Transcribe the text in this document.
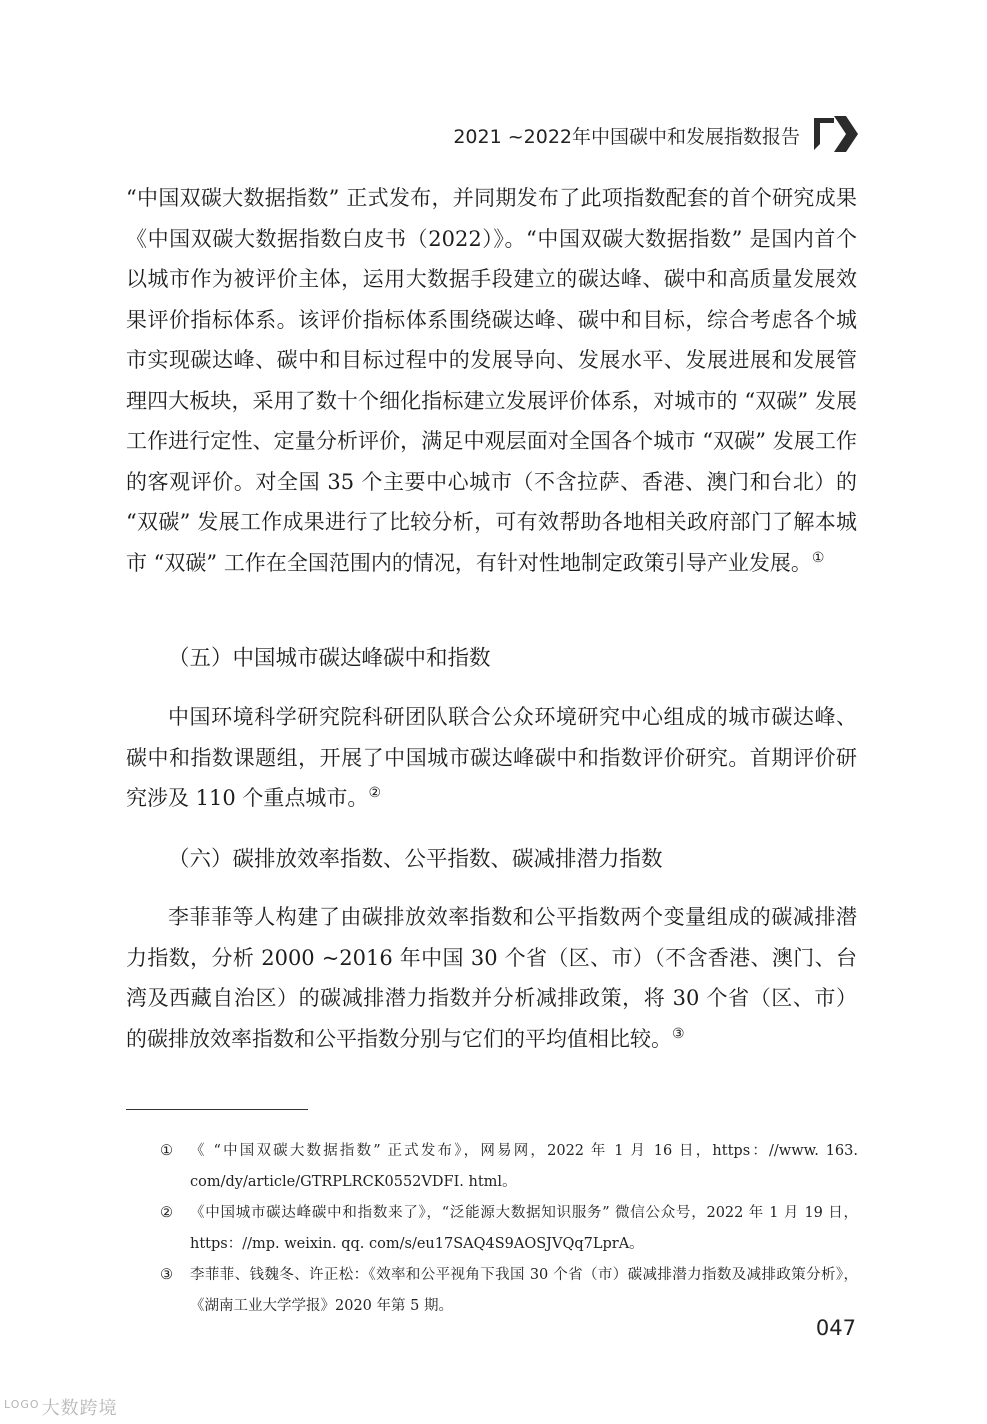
2021 ~2022年中国碳中和发展指数报告

“中国双碳大数据指数” 正式发布，并同期发布了此项指数配套的首个研究成果《中国双碳大数据指数白皮书（2022）》。“中国双碳大数据指数” 是国内首个以城市作为被评价主体，运用大数据手段建立的碳达峰、碳中和高质量发展效果评价指标体系。该评价指标体系围绕碳达峰、碳中和目标，综合考虑各个城市实现碳达峰、碳中和目标过程中的发展导向、发展水平、发展进展和发展管理四大板块，采用了数十个细化指标建立发展评价体系，对城市的 “双碳” 发展工作进行定性、定量分析评价，满足中观层面对全国各个城市 “双碳” 发展工作的客观评价。对全国 35 个主要中心城市（不含拉萨、香港、澳门和台北）的 “双碳” 发展工作成果进行了比较分析，可有效帮助各地相关政府部门了解本城市 “双碳” 工作在全国范围内的情况，有针对性地制定政策引导产业发展。①

（五）中国城市碳达峰碳中和指数

中国环境科学研究院科研团队联合公众环境研究中心组成的城市碳达峰、碳中和指数课题组，开展了中国城市碳达峰碳中和指数评价研究。首期评价研究涉及 110 个重点城市。②

（六）碳排放效率指数、公平指数、碳减排潜力指数

李菲菲等人构建了由碳排放效率指数和公平指数两个变量组成的碳减排潜力指数，分析 2000 ~2016 年中国 30 个省（区、市）（不含香港、澳门、台湾及西藏自治区）的碳减排潜力指数并分析减排政策，将 30 个省（区、市）的碳排放效率指数和公平指数分别与它们的平均值相比较。③

① 《 “中国双碳大数据指数” 正式发布》，网易网，2022 年 1 月 16 日，https：//www. 163. com/dy/article/GTRPLRCK0552VDFI. html。
② 《中国城市碳达峰碳中和指数来了》，“泛能源大数据知识服务” 微信公众号，2022 年 1 月 19 日，https：//mp. weixin. qq. com/s/eu17SAQ4S9AOSJVQq7LprA。
③ 李菲菲、钱魏冬、许正松：《效率和公平视角下我国 30 个省（市）碳减排潜力指数及减排政策分析》，《湖南工业大学学报》2020 年第 5 期。
047
$^{LOGO}$ 大数跨境
